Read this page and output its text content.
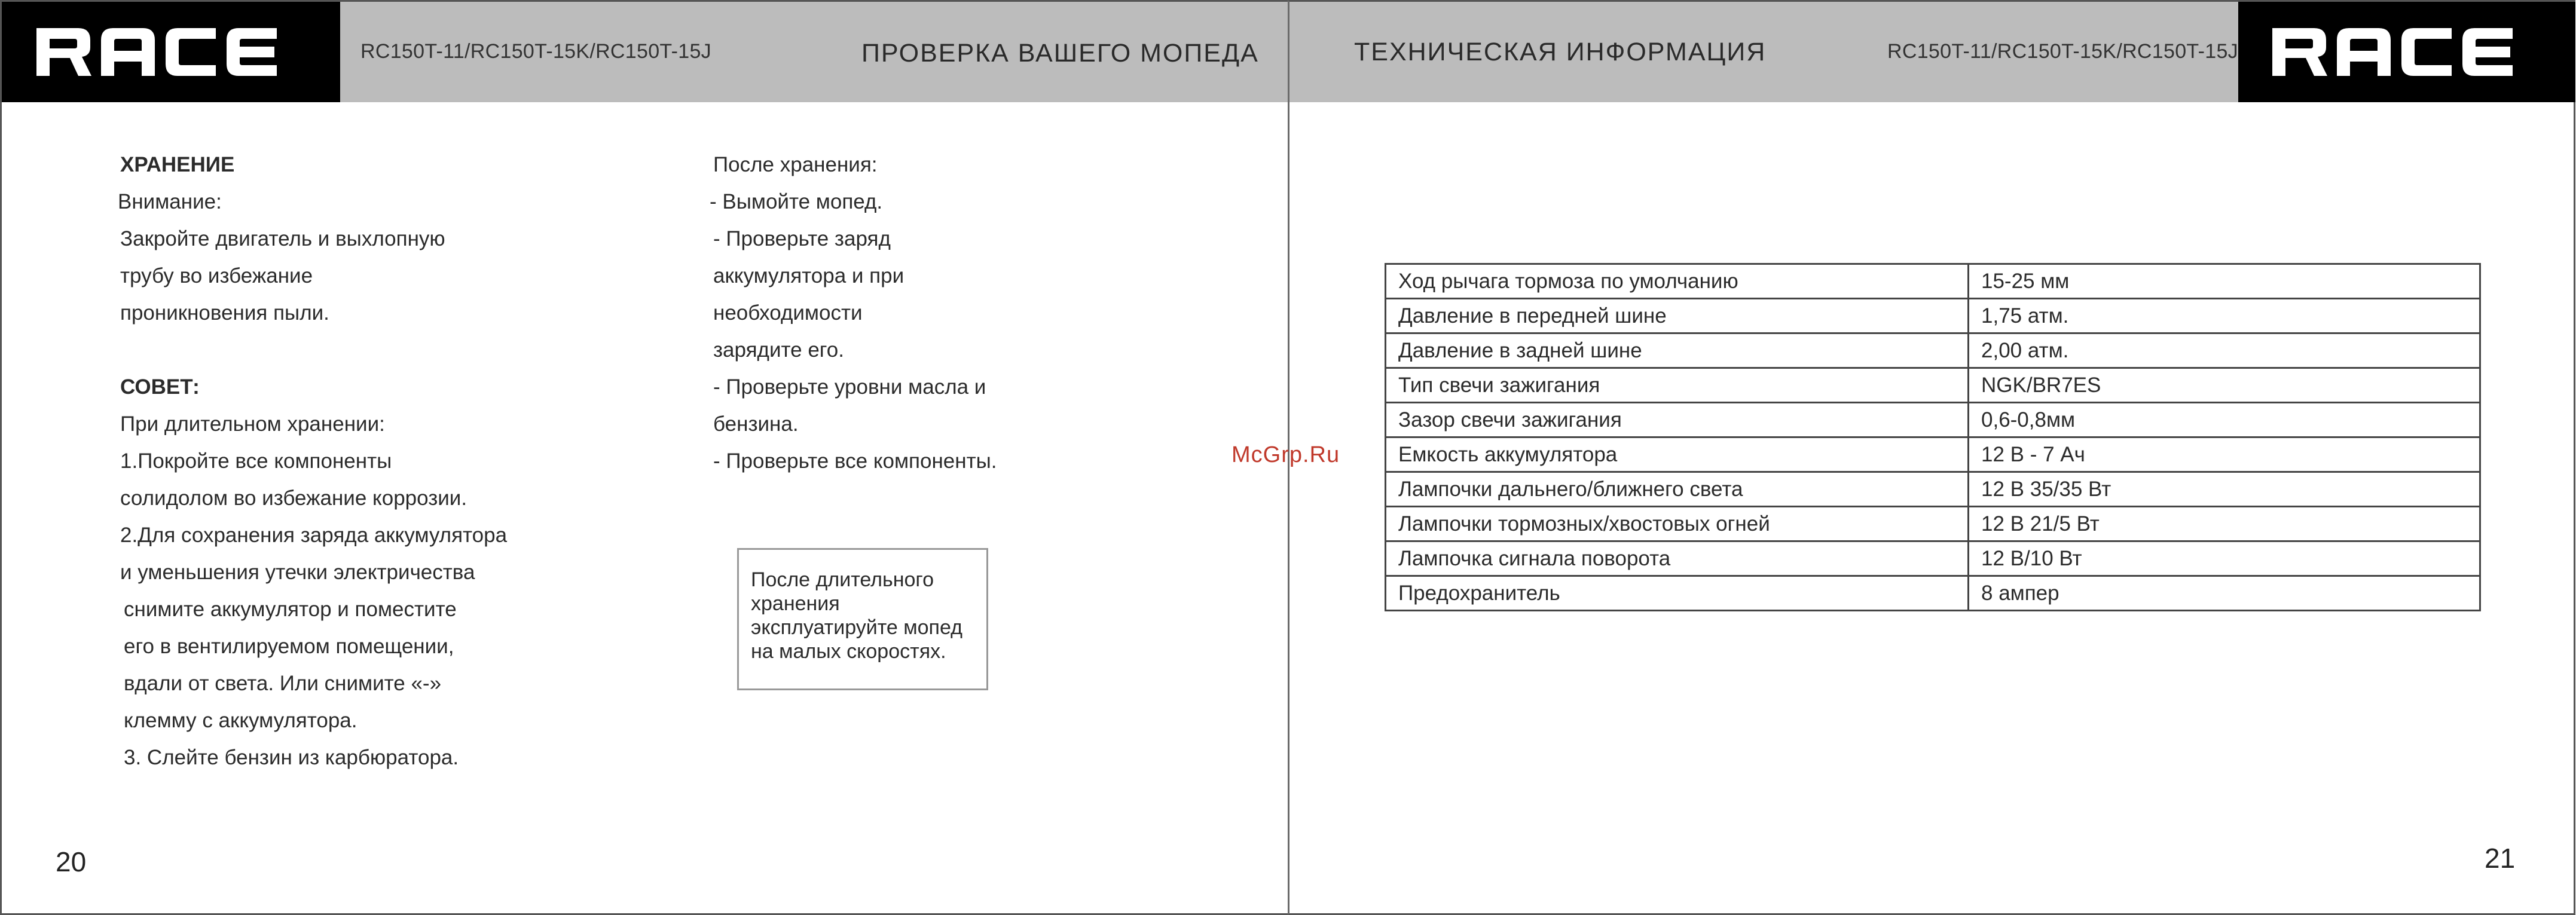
RC150T-11/RC150T-15K/RC150T-15J	ПРОВЕРКА ВАШЕГО МОПЕДА
ХРАНЕНИЕ
Внимание:
Закройте двигатель и выхлопную
трубу во избежание
проникновения пыли.
СОВЕТ:
При длительном хранении:
1.Покройте все компоненты
солидолом во избежание коррозии.
2.Для сохранения заряда аккумулятора
и уменьшения утечки электричества
снимите аккумулятор и поместите
его в вентилируемом помещении,
вдали от света. Или снимите «-»
клемму с аккумулятора.
3. Слейте бензин из карбюратора.
После хранения:
- Вымойте мопед.
- Проверьте заряд
аккумулятора и при
необходимости
зарядите его.
- Проверьте уровни масла и
бензина.
- Проверьте все компоненты.
После длительного хранения эксплуатируйте мопед на малых скоростях.
20
ТЕХНИЧЕСКАЯ ИНФОРМАЦИЯ	RC150T-11/RC150T-15K/RC150T-15J
21
Ход рычага тормоза по умолчанию	15-25 мм
Давление в передней шине	1,75 атм.
Давление в задней шине	2,00 атм.
Тип свечи зажигания	NGK/BR7ES
Зазор свечи зажигания	0,6-0,8мм
Емкость аккумулятора	12 В - 7 Ач
Лампочки дальнего/ближнего света	12 В 35/35 Вт
Лампочки тормозных/хвостовых огней	12 В 21/5 Вт
Лампочка сигнала поворота	12 В/10 Вт
Предохранитель	8 ампер
McGrp.Ru
